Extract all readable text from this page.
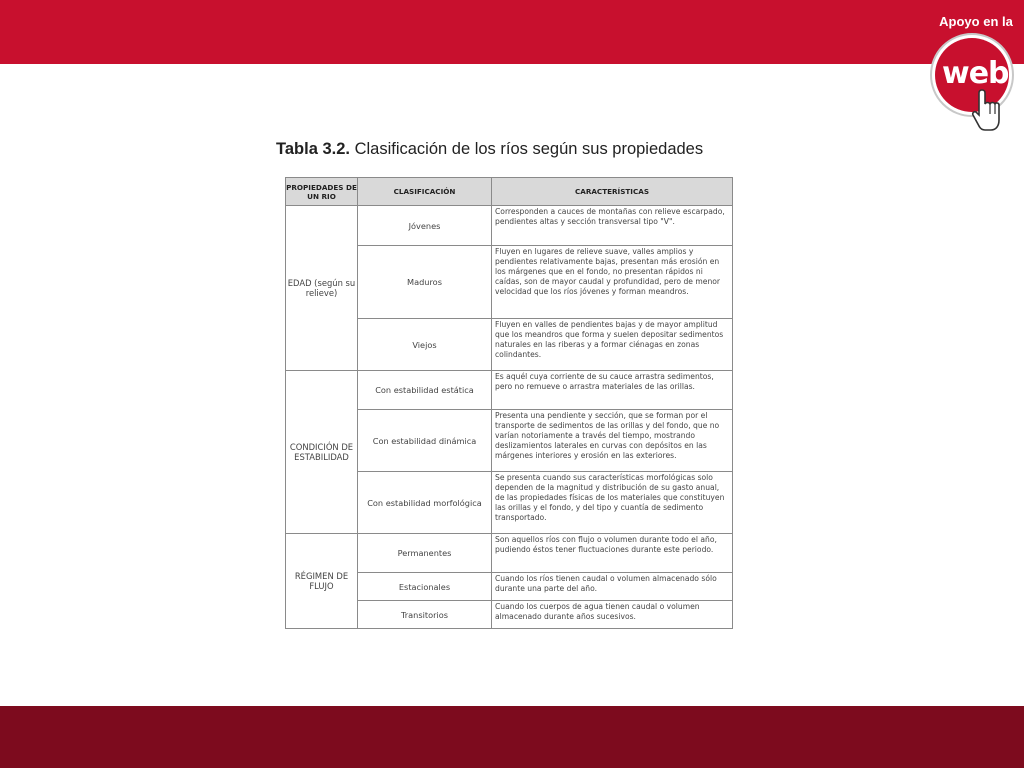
Apoyo en la
web
Tabla 3.2. Clasificación de los ríos según sus propiedades
PROPIEDADES DE UN RIO	CLASIFICACIÓN	CARACTERÍSTICAS
EDAD (según su relieve)	Jóvenes	Corresponden a cauces de montañas con relieve escarpado, pendientes altas y sección transversal tipo "V".
	Maduros	Fluyen en lugares de relieve suave, valles amplios y pendientes relativamente bajas, presentan más erosión en los márgenes que en el fondo, no presentan rápidos ni caídas, son de mayor caudal y profundidad, pero de menor velocidad que los ríos jóvenes y forman meandros.
	Viejos	Fluyen en valles de pendientes bajas y de mayor amplitud que los meandros que forma y suelen depositar sedimentos naturales en las riberas y a formar ciénagas en zonas colindantes.
CONDICIÓN DE ESTABILIDAD	Con estabilidad estática	Es aquél cuya corriente de su cauce arrastra sedimentos, pero no remueve o arrastra materiales de las orillas.
	Con estabilidad dinámica	Presenta una pendiente y sección, que se forman por el transporte de sedimentos de las orillas y del fondo, que no varían notoriamente a través del tiempo, mostrando deslizamientos laterales en curvas con depósitos en las márgenes interiores y erosión en las exteriores.
	Con estabilidad morfológica	Se presenta cuando sus características morfológicas solo dependen de la magnitud y distribución de su gasto anual, de las propiedades físicas de los materiales que constituyen las orillas y el fondo, y del tipo y cuantía de sedimento transportado.
RÉGIMEN DE FLUJO	Permanentes	Son aquellos ríos con flujo o volumen durante todo el año, pudiendo éstos tener fluctuaciones durante este periodo.
	Estacionales	Cuando los ríos tienen caudal o volumen almacenado sólo durante una parte del año.
	Transitorios	Cuando los cuerpos de agua tienen caudal o volumen almacenado durante años sucesivos.
